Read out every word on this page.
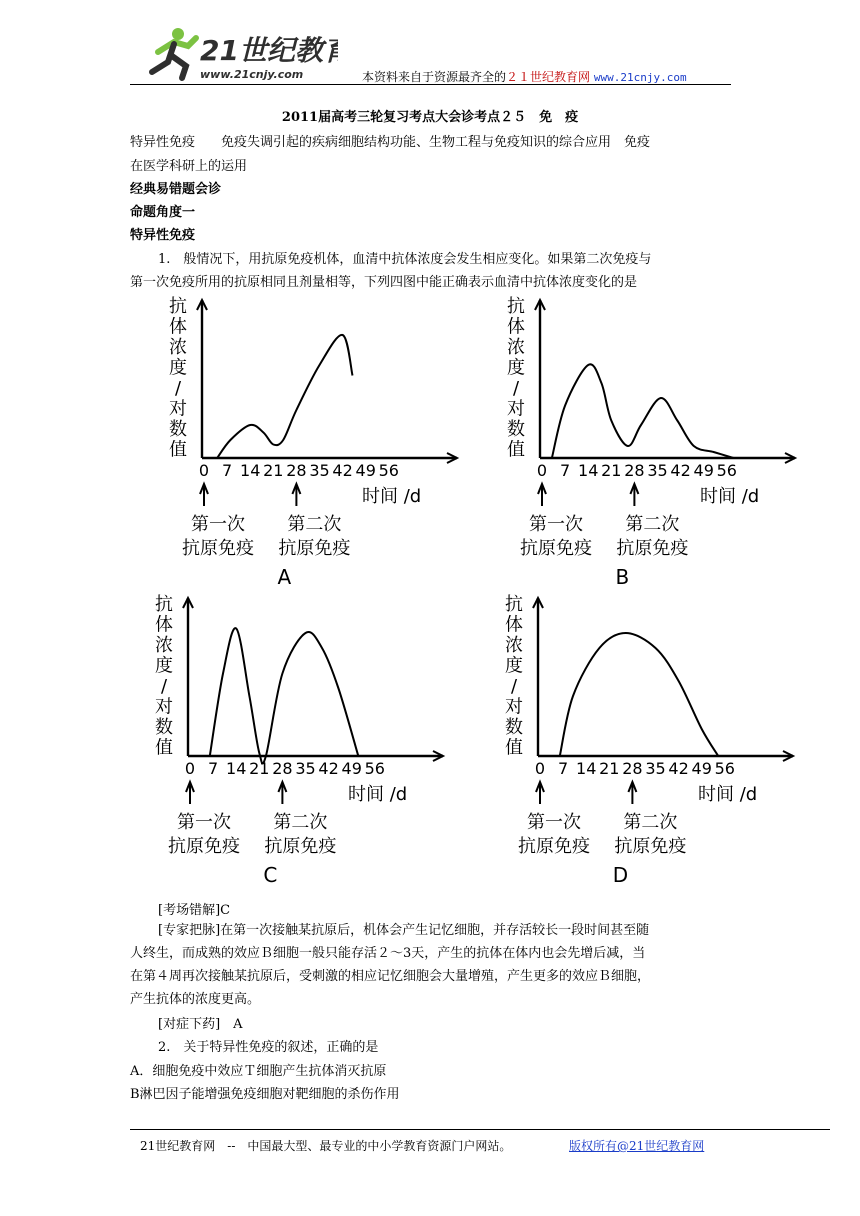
21世纪教育
www.21cnjy.com	本资料来自于资源最齐全的２１世纪教育网 www.21cnjy.com
2011届高考三轮复习考点大会诊考点２５　免　疫
特异性免疫　　免疫失调引起的疾病细胞结构功能、生物工程与免疫知识的综合应用　免疫
在医学科研上的运用
经典易错题会诊
命题角度一
特异性免疫
1.　般情况下，用抗原免疫机体，血清中抗体浓度会发生相应变化。如果第二次免疫与
第一次免疫所用的抗原相同且剂量相等，下列四图中能正确表示血清中抗体浓度变化的是
抗
体
浓
度
/
对
数
值
0 7 14 21 28 35 42 49 56
时间 /d
第一次
抗原免疫
第二次
抗原免疫
A
抗
体
浓
度
/
对
数
值
0 7 14 21 28 35 42 49 56
时间 /d
第一次
抗原免疫
第二次
抗原免疫
B
抗
体
浓
度
/
对
数
值
0 7 14 21 28 35 42 49 56
时间 /d
第一次
抗原免疫
第二次
抗原免疫
C
抗
体
浓
度
/
对
数
值
0 7 14 21 28 35 42 49 56
时间 /d
第一次
抗原免疫
第二次
抗原免疫
D
[考场错解]C
[专家把脉]在第一次接触某抗原后，机体会产生记忆细胞，并存活较长一段时间甚至随
人终生，而成熟的效应Ｂ细胞一般只能存活２～3天，产生的抗体在体内也会先增后减，当
在第４周再次接触某抗原后，受刺激的相应记忆细胞会大量增殖，产生更多的效应Ｂ细胞，
产生抗体的浓度更高。
[对症下药]　 A
2.　关于特异性免疫的叙述，正确的是
A．细胞免疫中效应Ｔ细胞产生抗体消灭抗原
B淋巴因子能增强免疫细胞对靶细胞的杀伤作用
21世纪教育网　--　中国最大型、最专业的中小学教育资源门户网站。	版权所有@21世纪教育网
